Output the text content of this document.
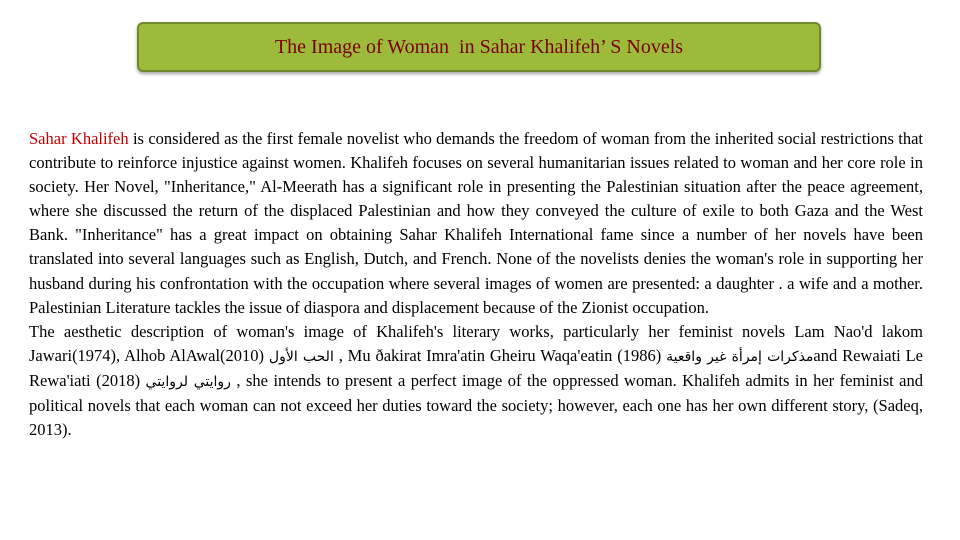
The Image of Woman  in Sahar Khalifeh’ S Novels

Sahar Khalifeh is considered as the first female novelist who demands the freedom of woman from the inherited social restrictions that contribute to reinforce injustice against women. Khalifeh focuses on several humanitarian issues related to woman and her core role in society. Her Novel, "Inheritance," Al-Meerath has a significant role in presenting the Palestinian situation after the peace agreement, where she discussed the return of the displaced Palestinian and how they conveyed the culture of exile to both Gaza and the West Bank. "Inheritance" has a great impact on obtaining Sahar Khalifeh International fame since a number of her novels have been translated into several languages such as English, Dutch, and French. None of the novelists denies the woman's role in supporting her husband during his confrontation with the occupation where several images of women are presented: a daughter . a wife and a mother. Palestinian Literature tackles the issue of diaspora and displacement because of the Zionist occupation.

The aesthetic description of woman's image of Khalifeh's literary works, particularly her feminist novels Lam Nao'd lakom Jawari(1974), Alhob AlAwal(2010) الحب الأول , Mu ðakirat Imra'atin Gheiru Waqa'eatin (1986) مذكرات إمرأة غير واقعيةand Rewaiati Le Rewa'iati (2018) روايتي لروايتي , she intends to present a perfect image of the oppressed woman. Khalifeh admits in her feminist and political novels that each woman can not exceed her duties toward the society; however, each one has her own different story, (Sadeq, 2013).
